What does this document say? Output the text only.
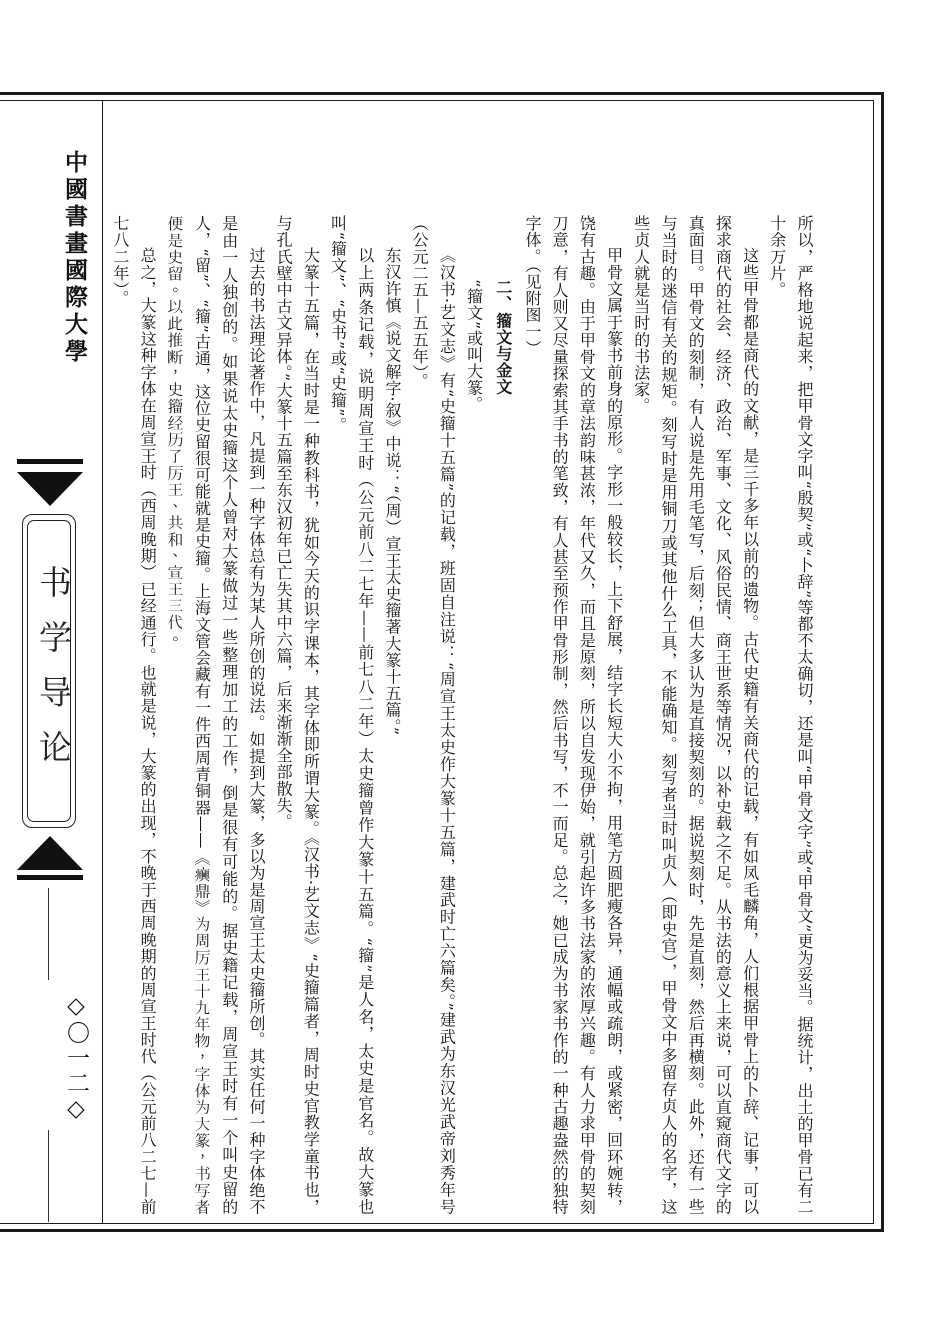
中國書畫國際大學
书学导论
◇〇一二◇	所以，严格地说起来，把甲骨文字叫“殷契”或“卜辞”等都不太确切，还是叫“甲骨文字”或“甲骨文”更为妥当。据统计，出土的甲骨已有二十余万片。

这些甲骨都是商代的文献，是三千多年以前的遗物。古代史籍有关商代的记载，有如凤毛麟角，人们根据甲骨上的卜辞、记事，可以探求商代的社会、经济、政治、军事、文化、风俗民情、商王世系等情况，以补史载之不足。从书法的意义上来说，可以直窥商代文字的真面目。甲骨文的刻制，有人说是先用毛笔写，后刻；但大多认为是直接契刻的。据说契刻时，先是直刻，然后再横刻。此外，还有一些与当时的迷信有关的规矩。刻写时是用铜刀或其他什么工具，不能确知。刻写者当时叫贞人（即史官），甲骨文中多留存贞人的名字，这些贞人就是当时的书法家。

甲骨文属于篆书前身的原形。字形一般较长，上下舒展，结字长短大小不拘，用笔方圆肥瘦各异，通幅或疏朗，或紧密，回环婉转，饶有古趣。由于甲骨文的章法韵味甚浓，年代又久，而且是原刻，所以自发现伊始，就引起许多书法家的浓厚兴趣。有人力求甲骨的契刻刀意，有人则又尽量探索其手书的笔致，有人甚至预作甲骨形制，然后书写，不一而足。总之，她已成为书家书作的一种古趣盎然的独特字体。（见附图一）

二、籀文与金文

“籀文”或叫大篆。

《汉书·艺文志》有“史籀十五篇”的记载，班固自注说：“周宣王太史作大篆十五篇，建武时亡六篇矣。”建武为东汉光武帝刘秀年号（公元二五—五五年）。

东汉许慎《说文解字·叙》中说：“（周）宣王太史籀著大篆十五篇。”

以上两条记载，说明周宣王时（公元前八二七年——前七八二年）太史籀曾作大篆十五篇。“籀”是人名，太史是官名。故大篆也叫“籀文”、“史书”或“史籀”。

大篆十五篇，在当时是一种教科书，犹如今天的识字课本，其字体即所谓大篆。《汉书·艺文志》“史籀篇者，周时史官教学童书也，与孔氏壁中古文异体。”大篆十五篇至东汉初年已亡失其中六篇，后来渐渐全部散失。

过去的书法理论著作中，凡提到一种字体总有为某人所创的说法。如提到大篆，多以为是周宣王太史籀所创。其实任何一种字体绝不是由一人独创的。如果说太史籀这个人曾对大篆做过一些整理加工的工作，倒是很有可能的。据史籍记载，周宣王时有一个叫史留的人，“留”、“籀”古通，这位史留很可能就是史籀。上海文管会藏有一件西周青铜器——《𤼈鼎》为周厉王十九年物，字体为大篆，书写者便是史留。以此推断，史籀经历了厉王、共和、宣王三代。

总之，大篆这种字体在周宣王时（西周晚期）已经通行。也就是说，大篆的出现，不晚于西周晚期的周宣王时代（公元前八二七—前七八二年）。
